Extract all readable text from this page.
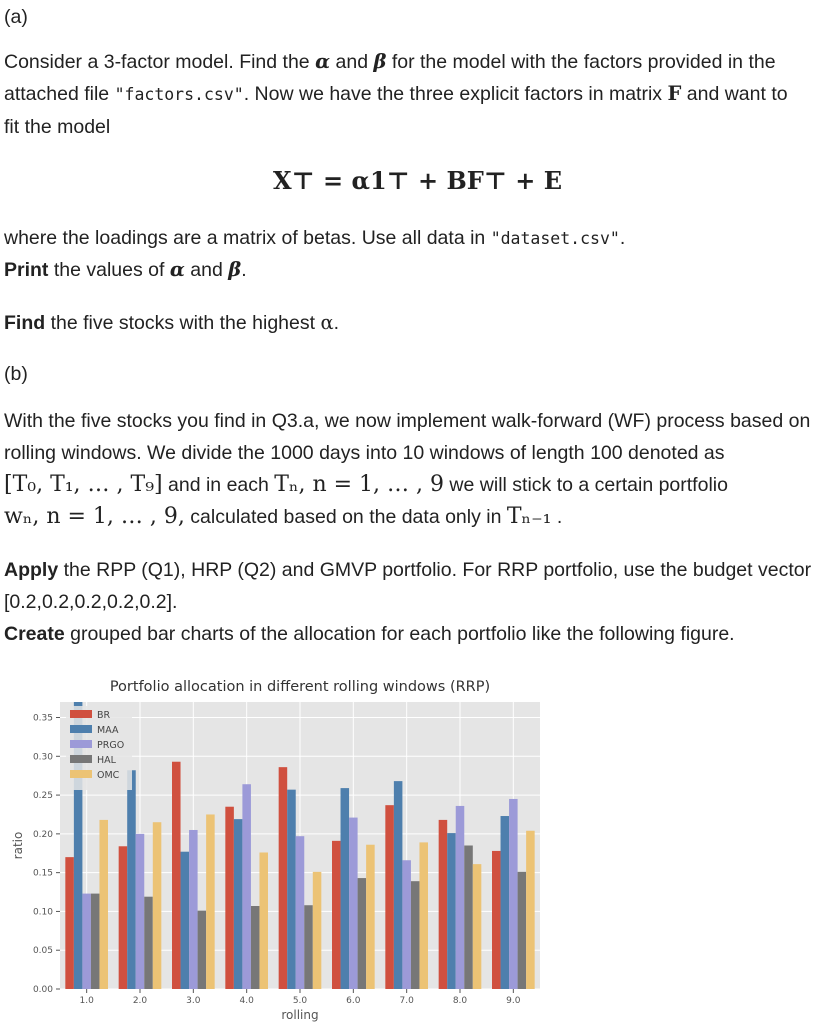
(a)
Consider a 3-factor model. Find the α and β for the model with the factors provided in the
attached file "factors.csv". Now we have the three explicit factors in matrix F and want to
fit the model
X⊤ = α1⊤ + BF⊤ + E
where the loadings are a matrix of betas. Use all data in "dataset.csv".
Print the values of α and β.
Find the five stocks with the highest α.
(b)
With the five stocks you find in Q3.a, we now implement walk-forward (WF) process based on
rolling windows. We divide the 1000 days into 10 windows of length 100 denoted as
[T₀, T₁, … , T₉] and in each Tₙ, n = 1, … , 9 we will stick to a certain portfolio
wₙ, n = 1, … , 9, calculated based on the data only in Tₙ₋₁ .
Apply the RPP (Q1), HRP (Q2) and GMVP portfolio. For RRP portfolio, use the budget vector
[0.2,0.2,0.2,0.2,0.2].
Create grouped bar charts of the allocation for each portfolio like the following figure.
Portfolio allocation in different rolling windows (RRP)
0.00
0.05
0.10
0.15
0.20
0.25
0.30
0.35
1.0	2.0	3.0	4.0	5.0	6.0	7.0	8.0	9.0
rolling
ratio
BR
MAA
PRGO
HAL
OMC
